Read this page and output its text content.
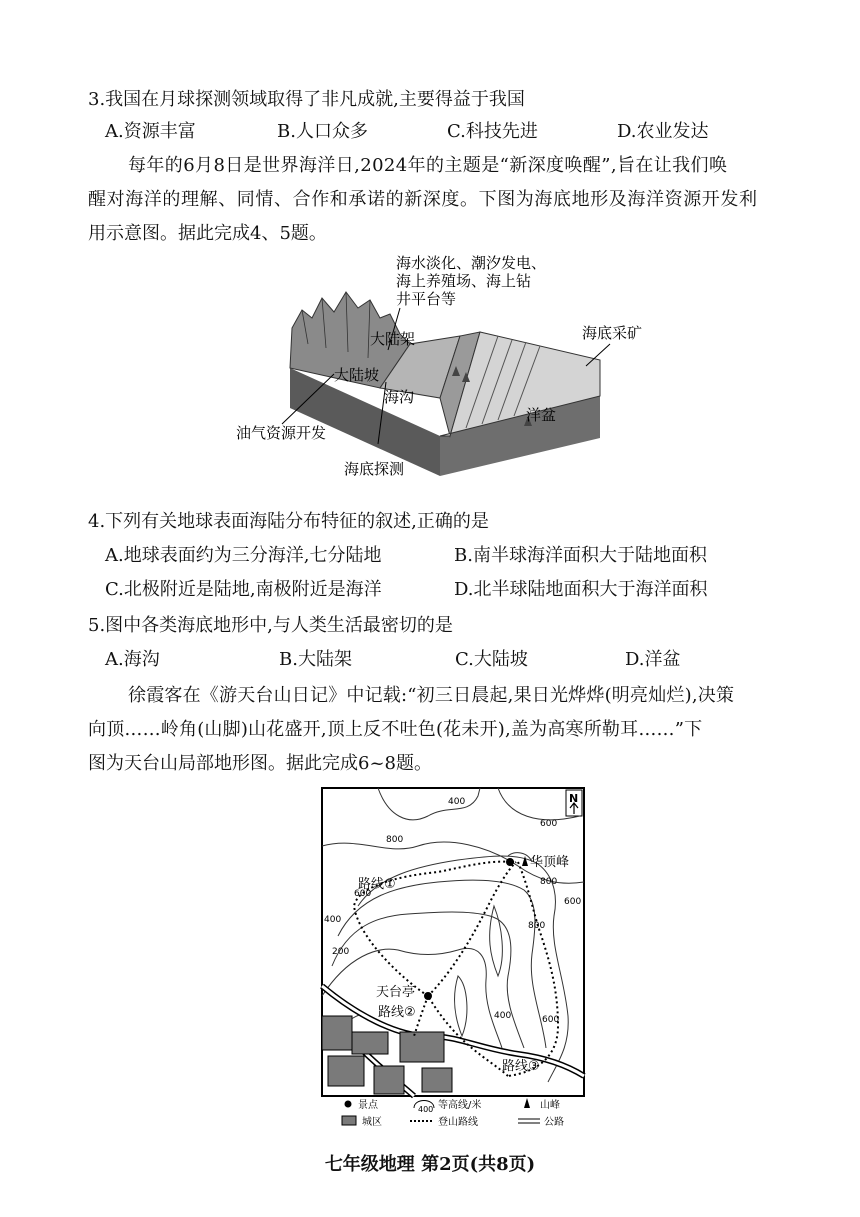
3.我国在月球探测领域取得了非凡成就,主要得益于我国
A.资源丰富	B.人口众多	C.科技先进	D.农业发达
每年的6月8日是世界海洋日,2024年的主题是“新深度唤醒”,旨在让我们唤
醒对海洋的理解、同情、合作和承诺的新深度。下图为海底地形及海洋资源开发利
用示意图。据此完成4、5题。
海水淡化、潮汐发电、
海上养殖场、海上钻
井平台等
大陆架
大陆坡
海沟
洋盆
海底采矿
油气资源开发
海底探测
4.下列有关地球表面海陆分布特征的叙述,正确的是
A.地球表面约为三分海洋,七分陆地	B.南半球海洋面积大于陆地面积
C.北极附近是陆地,南极附近是海洋	D.北半球陆地面积大于海洋面积
5.图中各类海底地形中,与人类生活最密切的是
A.海沟	B.大陆架	C.大陆坡	D.洋盆
徐霞客在《游天台山日记》中记载:“初三日晨起,果日光烨烨(明亮灿烂),决策
向顶……岭角(山脚)山花盛开,顶上反不吐色(花未开),盖为高寒所勒耳……”下
图为天台山局部地形图。据此完成6~8题。
N
华顶峰
天台亭
路线①
路线②
路线③
400
600
800
800
600
600
400
200
800
400	600
景点	400 等高线/米	山峰
城区	登山路线	公路
七年级地理 第2页(共8页)
